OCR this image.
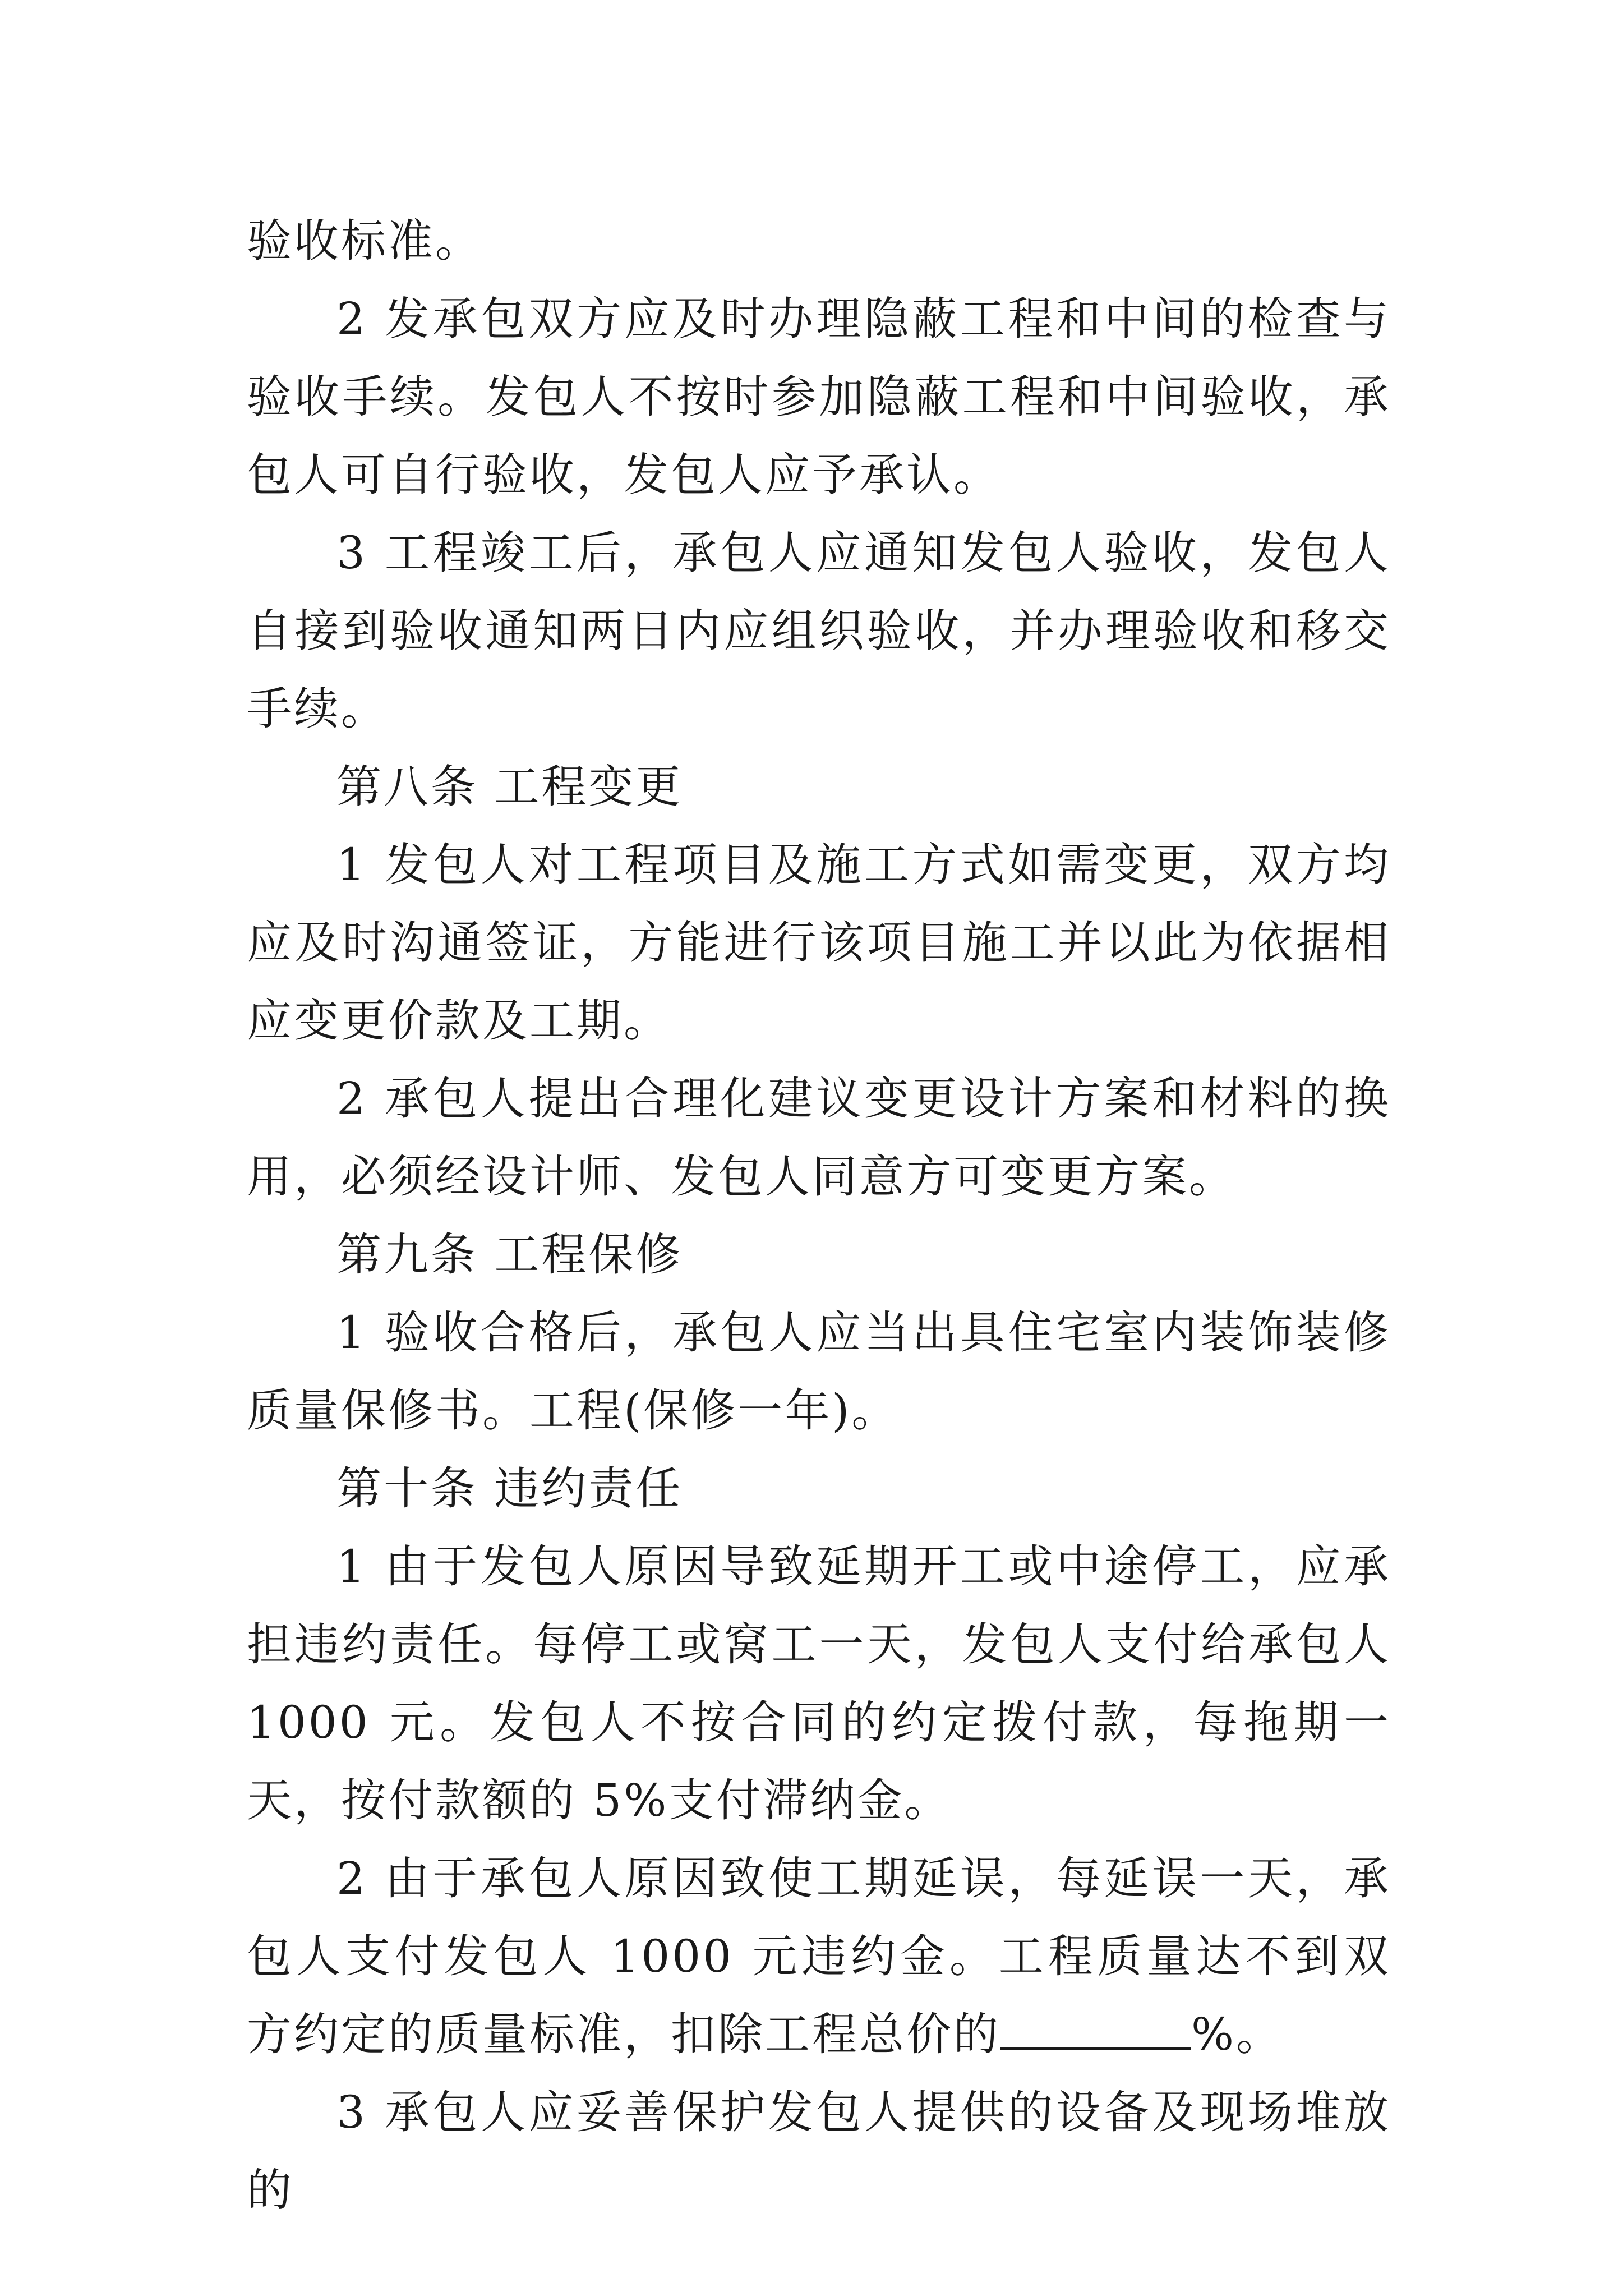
验收标准。

2 发承包双方应及时办理隐蔽工程和中间的检查与验收手续。发包人不按时参加隐蔽工程和中间验收，承包人可自行验收，发包人应予承认。

3 工程竣工后，承包人应通知发包人验收，发包人自接到验收通知两日内应组织验收，并办理验收和移交手续。

第八条 工程变更

1 发包人对工程项目及施工方式如需变更，双方均应及时沟通签证，方能进行该项目施工并以此为依据相应变更价款及工期。

2 承包人提出合理化建议变更设计方案和材料的换用，必须经设计师、发包人同意方可变更方案。

第九条 工程保修

1 验收合格后，承包人应当出具住宅室内装饰装修质量保修书。工程(保修一年)。

第十条 违约责任

1 由于发包人原因导致延期开工或中途停工，应承担违约责任。每停工或窝工一天，发包人支付给承包人 1000 元。发包人不按合同的约定拨付款，每拖期一天，按付款额的 5%支付滞纳金。

2 由于承包人原因致使工期延误，每延误一天，承包人支付发包人 1000 元违约金。工程质量达不到双方约定的质量标准，扣除工程总价的	%。

3 承包人应妥善保护发包人提供的设备及现场堆放的
